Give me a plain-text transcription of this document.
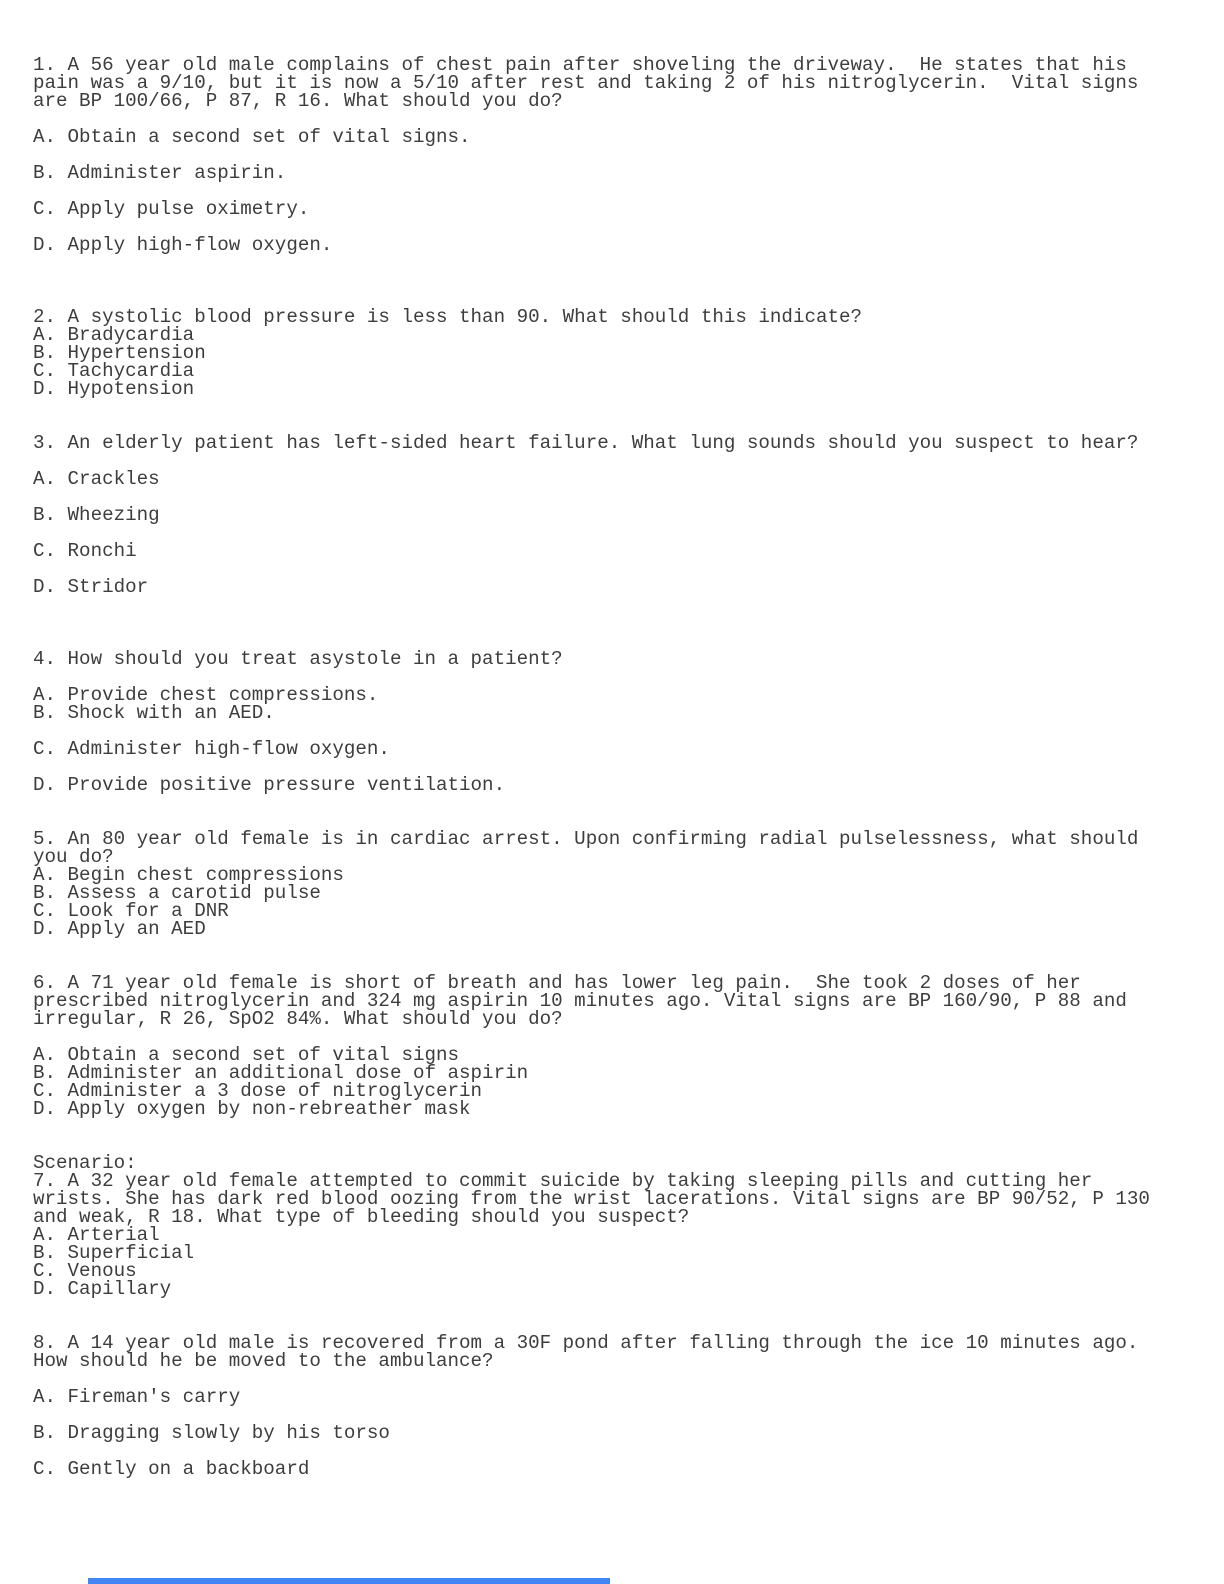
1. A 56 year old male complains of chest pain after shoveling the driveway.  He states that his
pain was a 9/10, but it is now a 5/10 after rest and taking 2 of his nitroglycerin.  Vital signs
are BP 100/66, P 87, R 16. What should you do?
A. Obtain a second set of vital signs.
B. Administer aspirin.
C. Apply pulse oximetry.
D. Apply high-flow oxygen.
2. A systolic blood pressure is less than 90. What should this indicate?
A. Bradycardia
B. Hypertension
C. Tachycardia
D. Hypotension
3. An elderly patient has left-sided heart failure. What lung sounds should you suspect to hear?
A. Crackles
B. Wheezing
C. Ronchi
D. Stridor
4. How should you treat asystole in a patient?
A. Provide chest compressions.
B. Shock with an AED.
C. Administer high-flow oxygen.
D. Provide positive pressure ventilation.
5. An 80 year old female is in cardiac arrest. Upon confirming radial pulselessness, what should
you do?
A. Begin chest compressions
B. Assess a carotid pulse
C. Look for a DNR
D. Apply an AED
6. A 71 year old female is short of breath and has lower leg pain.  She took 2 doses of her
prescribed nitroglycerin and 324 mg aspirin 10 minutes ago. Vital signs are BP 160/90, P 88 and
irregular, R 26, SpO2 84%. What should you do?
A. Obtain a second set of vital signs
B. Administer an additional dose of aspirin
C. Administer a 3 dose of nitroglycerin
D. Apply oxygen by non-rebreather mask
Scenario:
7. A 32 year old female attempted to commit suicide by taking sleeping pills and cutting her
wrists. She has dark red blood oozing from the wrist lacerations. Vital signs are BP 90/52, P 130
and weak, R 18. What type of bleeding should you suspect?
A. Arterial
B. Superficial
C. Venous
D. Capillary
8. A 14 year old male is recovered from a 30F pond after falling through the ice 10 minutes ago.
How should he be moved to the ambulance?
A. Fireman's carry
B. Dragging slowly by his torso
C. Gently on a backboard
